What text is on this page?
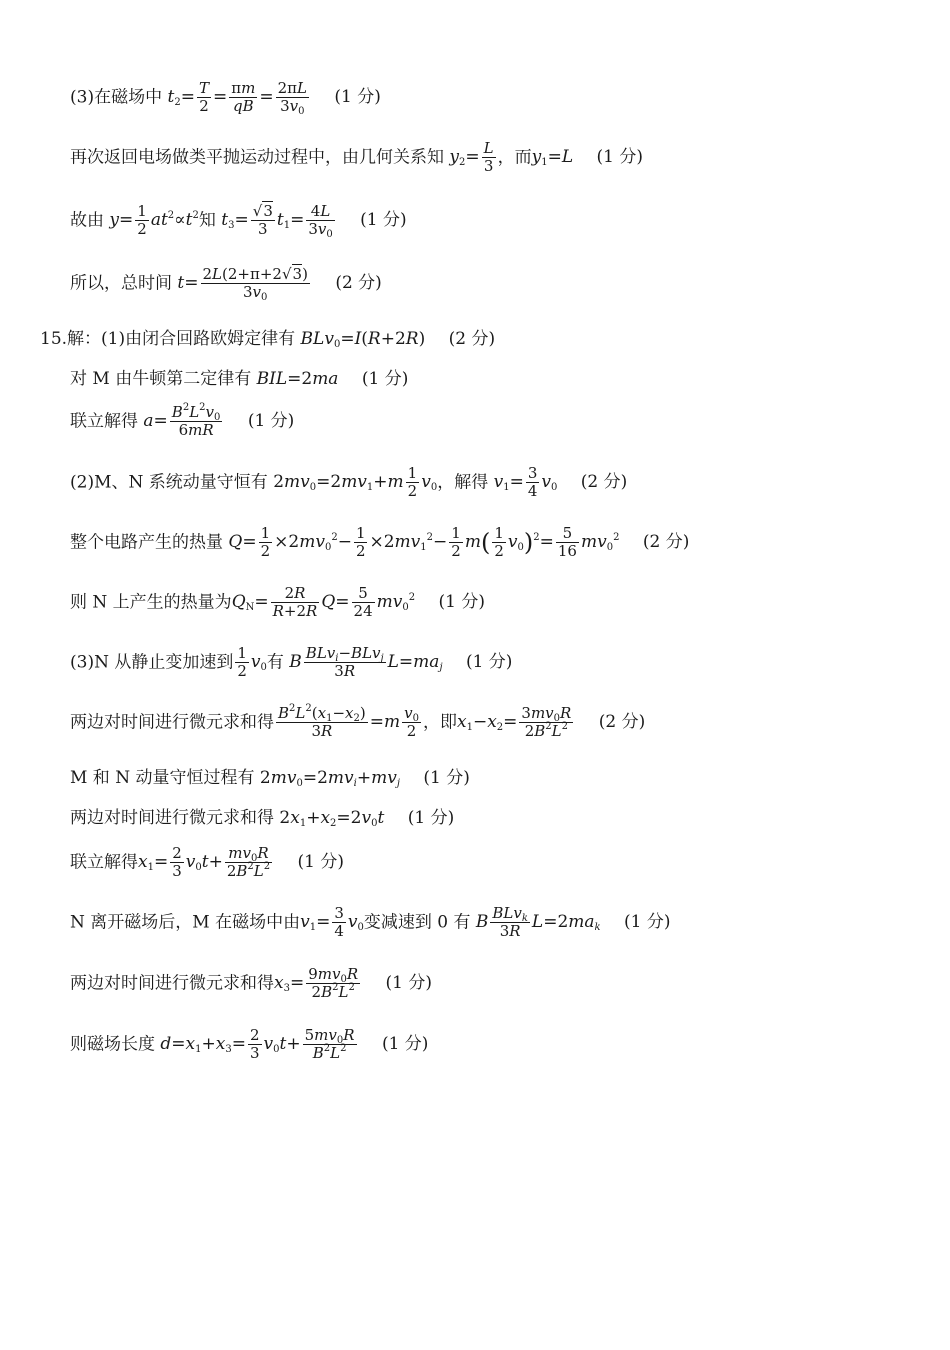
(3)在磁场中 $t_2= \frac{T}{2} = \frac{\pi m}{qB} = \frac{2\pi L}{3v_0} (1$ 分)
再次返回电场做类平抛运动过程中，由几何关系知 $y_2= \frac{L}{3}$ ，而$y_1=L$ (1 分)
故由 $y= \frac{1}{2} at^2\propto t^2$知 $t_3= \frac{√3}{3} t_1= \frac{4L}{3v_0} (1$ 分)
所以，总时间 $t= \frac{2L(2+\pi+2√3)}{3v_0} (2$ 分)
15.解：(1)由闭合回路欧姆定律有 BLv$_0$=I(R+2R) (2 分)
对 M 由牛顿第二定律有 BIL=2ma (1 分)
联立解得 $a= \frac{B^2L^2v_0}{6mR} (1$ 分)
(2)M、N 系统动量守恒有 $2mv_0=2mv_1+m \frac{1}{2} v_0$，解得 $v_1= \frac{3}{4} v_0$ (2 分)
整个电路产生的热量 $Q= \frac{1}{2} \times 2mv_0^2- \frac{1}{2} \times 2mv_1^2- \frac{1}{2} m( \frac{1}{2} v_0)^2= \frac{5}{16} mv_0^2$ (2 分)
则 N 上产生的热量为$Q_N= \frac{2R}{R+2R} Q= \frac{5}{24} mv_0^2$ (1 分)
(3)N 从静止变加速到 $\frac{1}{2} v_0$有 B BLv$_i$−BLv$_j$
3R	$L=ma_j$ (1 分)
两边对时间进行微元求和得 $\frac{B^2L^2(x_1-x_2)}{3R} =m \frac{v_0}{2}$ ，即$x_1-x_2= \frac{3mv_0R}{2B^2L^2} (2$ 分)
M 和 N 动量守恒过程有 $2mv_0=2mv_i+mv_j$ (1 分)
两边对时间进行微元求和得 $2x_1+x_2=2v_0t$ (1 分)
联立解得$x_1= \frac{2}{3} v_0t+ \frac{mv_0R}{2B^2L^2} (1$ 分)
N 离开磁场后，M 在磁场中由$v_1= \frac{3}{4} v_0$变减速到 0 有 B BLv$_k$
3R $L=2ma_k$ (1 分)
两边对时间进行微元求和得$x_3= \frac{9mv_0R}{2B^2L^2} (1$ 分)
则磁场长度 $d=x_1+x_3= \frac{2}{3} v_0t+ \frac{5mv_0R}{B^2L^2} (1$ 分)
